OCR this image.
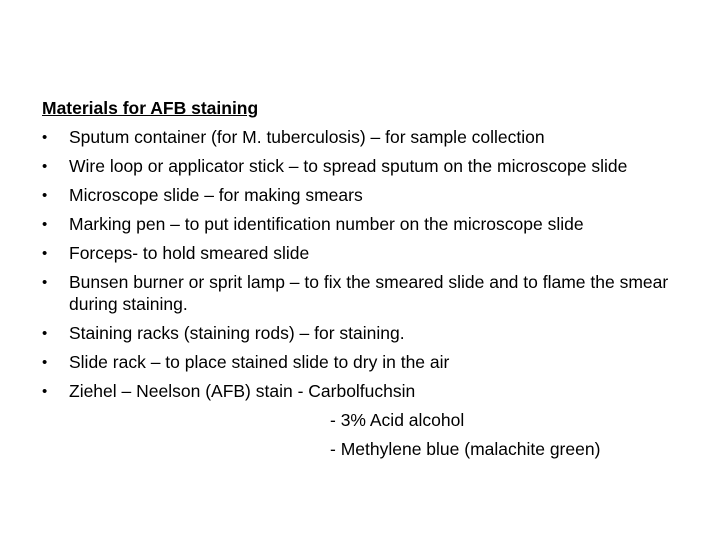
Materials for AFB staining
•	Sputum container (for M. tuberculosis) – for sample collection
•	Wire loop or applicator stick – to spread sputum on the microscope slide
•	Microscope slide – for making smears
•	Marking pen – to put identification number on the microscope slide
•	Forceps- to hold smeared slide
•	Bunsen burner or sprit lamp – to fix the smeared slide and to flame the smear during staining.
•	Staining racks (staining rods) – for staining.
•	Slide rack – to place stained slide to dry in the air
•	Ziehel – Neelson (AFB) stain - Carbolfuchsin
- 3% Acid alcohol
- Methylene blue (malachite green)
